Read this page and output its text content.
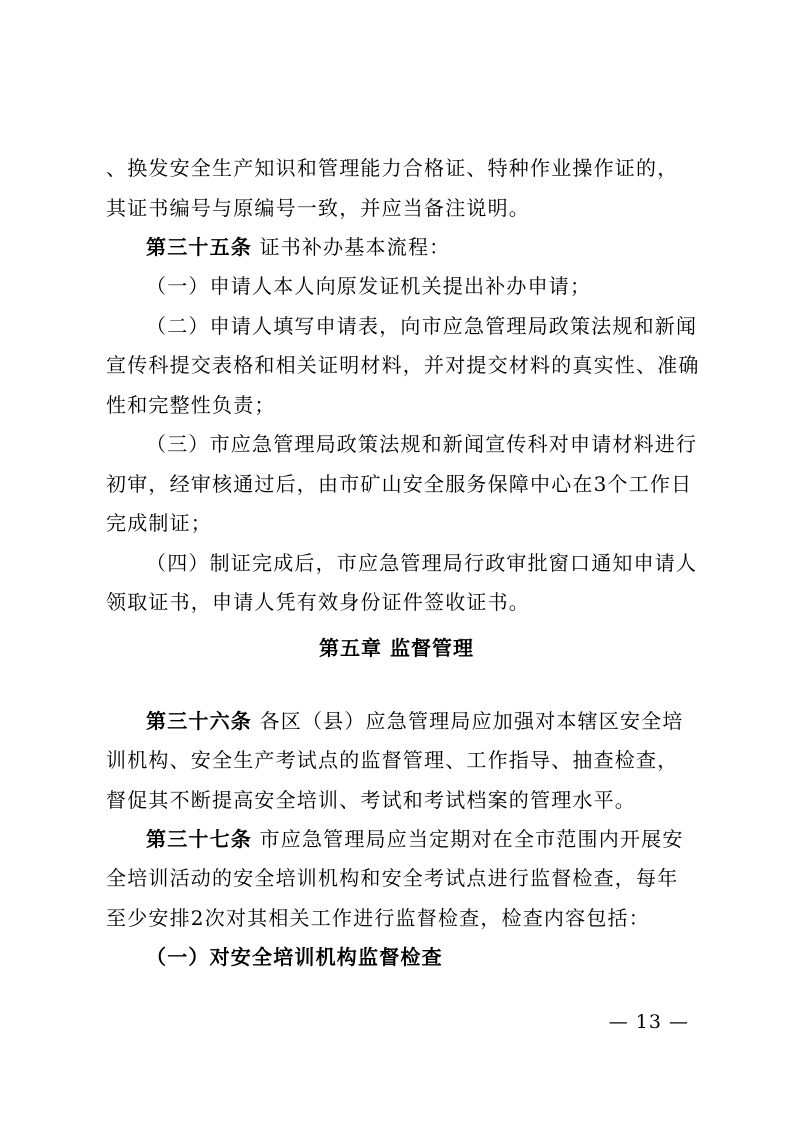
、换发安全生产知识和管理能力合格证、特种作业操作证的，
其证书编号与原编号一致，并应当备注说明。
第三十五条 证书补办基本流程：
（一）申请人本人向原发证机关提出补办申请；
（二）申请人填写申请表，向市应急管理局政策法规和新闻
宣传科提交表格和相关证明材料，并对提交材料的真实性、准确
性和完整性负责；
（三）市应急管理局政策法规和新闻宣传科对申请材料进行
初审，经审核通过后，由市矿山安全服务保障中心在3个工作日
完成制证；
（四）制证完成后，市应急管理局行政审批窗口通知申请人
领取证书，申请人凭有效身份证件签收证书。
第五章 监督管理
第三十六条 各区（县）应急管理局应加强对本辖区安全培
训机构、安全生产考试点的监督管理、工作指导、抽查检查，
督促其不断提高安全培训、考试和考试档案的管理水平。
第三十七条 市应急管理局应当定期对在全市范围内开展安
全培训活动的安全培训机构和安全考试点进行监督检查，每年
至少安排2次对其相关工作进行监督检查，检查内容包括：
（一）对安全培训机构监督检查
— 13 —
